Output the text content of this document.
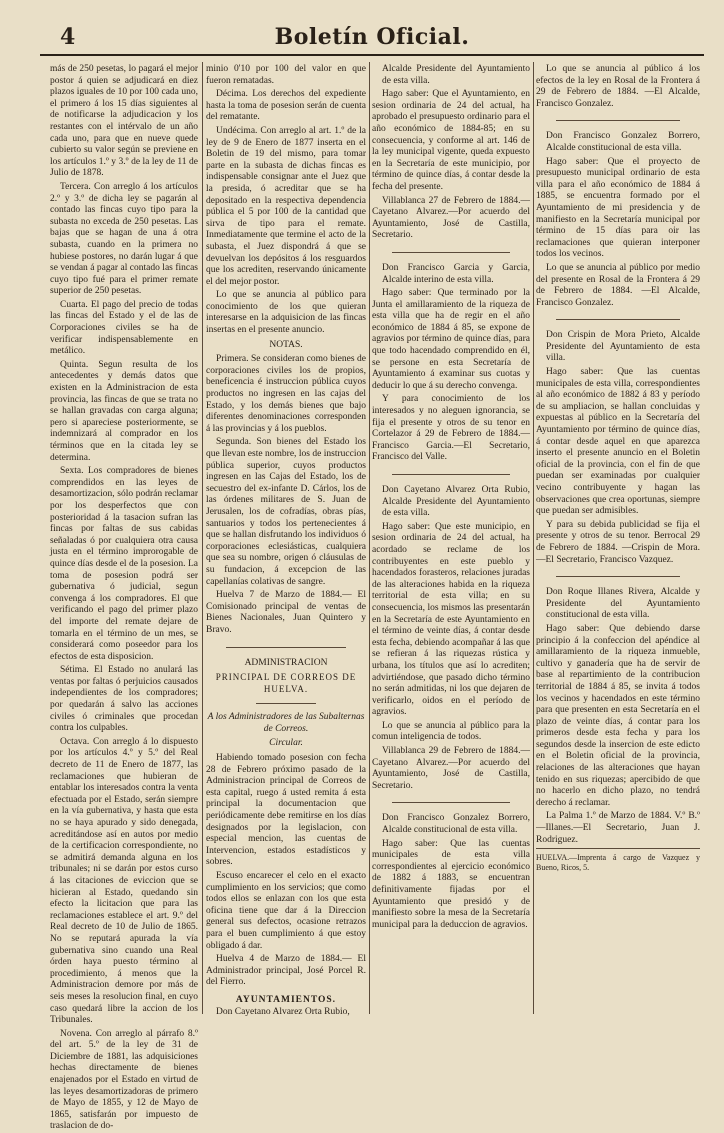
4	Boletín Oficial.

más de 250 pesetas, lo pagará el mejor postor á quien se adjudicará en diez plazos iguales de 10 por 100 cada uno, el primero á los 15 días siguientes al de notificarse la adjudicacion y los restantes con el intérvalo de un año cada uno, para que en nueve quede cubierto su valor según se previene en los artículos 1.º y 3.º de la ley de 11 de Julio de 1878.

Tercera. Con arreglo á los artículos 2.º y 3.º de dicha ley se pagarán al contado las fincas cuyo tipo para la subasta no exceda de 250 pesetas. Las bajas que se hagan de una á otra subasta, cuando en la primera no hubiese postores, no darán lugar á que se vendan á pagar al contado las fincas cuyo tipo fué para el primer remate superior de 250 pesetas.

Cuarta. El pago del precio de todas las fincas del Estado y el de las de Corporaciones civiles se ha de verificar indispensablemente en metálico.

Quinta. Segun resulta de los antecedentes y demás datos que existen en la Administracion de esta provincia, las fincas de que se trata no se hallan gravadas con carga alguna; pero si apareciese posteriormente, se indemnizará al comprador en los términos que en la citada ley se determina.

Sexta. Los compradores de bienes comprendidos en las leyes de desamortizacion, sólo podrán reclamar por los desperfectos que con posterioridad á la tasacion sufran las fincas por faltas de sus cabidas señaladas ó por cualquiera otra causa justa en el término improrogable de quince días desde el de la posesion. La toma de posesion podrá ser gubernativa ó judicial, segun convenga á los compradores. El que verificando el pago del primer plazo del importe del remate dejare de tomarla en el término de un mes, se considerará como poseedor para los efectos de esta disposicion.

Sétima. El Estado no anulará las ventas por faltas ó perjuicios causados independientes de los compradores; por quedarán á salvo las acciones civiles ó criminales que procedan contra los culpables.

Octava. Con arreglo á lo dispuesto por los artículos 4.º y 5.º del Real decreto de 11 de Enero de 1877, las reclamaciones que hubieran de entablar los interesados contra la venta efectuada por el Estado, serán siempre en la vía gubernativa, y hasta que esta no se haya apurado y sido denegada, acreditándose así en autos por medio de la certificacion correspondiente, no se admitirá demanda alguna en los tribunales; ni se darán por estos curso á las citaciones de eviccion que se hicieran al Estado, quedando sin efecto la licitacion que para las reclamaciones establece el art. 9.º del Real decreto de 10 de Julio de 1865. No se reputará apurada la vía gubernativa sino cuando una Real órden haya puesto término al procedimiento, á menos que la Administracion demore por más de seis meses la resolucion final, en cuyo caso quedará libre la accion de los Tribunales.

Novena. Con arreglo al párrafo 8.º del art. 5.º de la ley de 31 de Diciembre de 1881, las adquisiciones hechas directamente de bienes enajenados por el Estado en virtud de las leyes desamortizadoras de primero de Mayo de 1855, y 12 de Mayo de 1865, satisfarán por impuesto de traslacion de do-

minio 0'10 por 100 del valor en que fueron rematadas.

Décima. Los derechos del expediente hasta la toma de posesion serán de cuenta del rematante.

Undécima. Con arreglo al art. 1.º de la ley de 9 de Enero de 1877 inserta en el Boletin de 19 del mismo, para tomar parte en la subasta de dichas fincas es indispensable consignar ante el Juez que la presida, ó acreditar que se ha depositado en la respectiva dependencia pública el 5 por 100 de la cantidad que sirva de tipo para el remate. Inmediatamente que termine el acto de la subasta, el Juez dispondrá á que se devuelvan los depósitos á los resguardos que los acrediten, reservando únicamente el del mejor postor.

Lo que se anuncia al público para conocimiento de los que quieran interesarse en la adquisicion de las fincas insertas en el presente anuncio.

NOTAS.

Primera. Se consideran como bienes de corporaciones civiles los de propios, beneficencia é instruccion pública cuyos productos no ingresen en las cajas del Estado, y los demás bienes que bajo diferentes denominaciones corresponden á las provincias y á los pueblos.

Segunda. Son bienes del Estado los que llevan este nombre, los de instruccion pública superior, cuyos productos ingresen en las Cajas del Estado, los de secuestro del ex-infante D. Cárlos, los de las órdenes militares de S. Juan de Jerusalen, los de cofradías, obras pías, santuarios y todos los pertenecientes á que se hallan disfrutando los individuos ó corporaciones eclesiásticas, cualquiera que sea su nombre, origen ó cláusulas de su fundacion, á excepcion de las capellanías colativas de sangre.

Huelva 7 de Marzo de 1884.— El Comisionado principal de ventas de Bienes Nacionales, Juan Quintero y Bravo.

ADMINISTRACION
PRINCIPAL DE CORREOS DE HUELVA.
A los Administradores de las Subalternas de Correos.
Circular.

Habiendo tomado posesion con fecha 28 de Febrero próximo pasado de la Administracion principal de Correos de esta capital, ruego á usted remita á esta principal la documentacion que periódicamente debe remitirse en los días designados por la legislacion, con especial mencion, las cuentas de Intervencion, estados estadísticos y sobres.

Escuso encarecer el celo en el exacto cumplimiento en los servicios; que como todos ellos se enlazan con los que esta oficina tiene que dar á la Direccion general sus defectos, ocasione retrazos para el buen cumplimiento á que estoy obligado á dar.

Huelva 4 de Marzo de 1884.— El Administrador principal, José Porcel R. del Fierro.

AYUNTAMIENTOS.

Don Cayetano Alvarez Orta Rubio,

Alcalde Presidente del Ayuntamiento de esta villa.

Hago saber: Que el Ayuntamiento, en sesion ordinaria de 24 del actual, ha aprobado el presupuesto ordinario para el año económico de 1884-85; en su consecuencia, y conforme al art. 146 de la ley municipal vigente, queda expuesto en la Secretaría de este municipio, por término de quince días, á contar desde la fecha del presente.

Villablanca 27 de Febrero de 1884.—Cayetano Alvarez.—Por acuerdo del Ayuntamiento, José de Castilla, Secretario.

Don Francisco Garcia y Garcia, Alcalde interino de esta villa.

Hago saber: Que terminado por la Junta el amillaramiento de la riqueza de esta villa que ha de regir en el año económico de 1884 á 85, se expone de agravios por término de quince días, para que todo hacendado comprendido en él, se persone en esta Secretaría de Ayuntamiento á examinar sus cuotas y deducir lo que á su derecho convenga.

Y para conocimiento de los interesados y no aleguen ignorancia, se fija el presente y otros de su tenor en Cortelazor á 29 de Febrero de 1884.—Francisco Garcia.—El Secretario, Francisco del Valle.

Don Cayetano Alvarez Orta Rubio, Alcalde Presidente del Ayuntamiento de esta villa.

Hago saber: Que este municipio, en sesion ordinaria de 24 del actual, ha acordado se reclame de los contribuyentes en este pueblo y hacendados forasteros, relaciones juradas de las alteraciones habida en la riqueza territorial de esta villa; en su consecuencia, los mismos las presentarán en la Secretaría de este Ayuntamiento en el término de veinte días, á contar desde esta fecha, debiendo acompañar á las que se refieran á las riquezas rústica y urbana, los títulos que así lo acrediten; advirtiéndose, que pasado dicho término no serán admitidas, ni los que dejaren de verificarlo, oidos en el período de agravios.

Lo que se anuncia al público para la comun inteligencia de todos.

Villablanca 29 de Febrero de 1884.—Cayetano Alvarez.—Por acuerdo del Ayuntamiento, José de Castilla, Secretario.

Don Francisco Gonzalez Borrero, Alcalde constitucional de esta villa.

Hago saber: Que las cuentas municipales de esta villa correspondientes al ejercicio económico de 1882 á 1883, se encuentran definitivamente fijadas por el Ayuntamiento que presidó y de manifiesto sobre la mesa de la Secretaría municipal para la deduccion de agravios.

Lo que se anuncia al público á los efectos de la ley en Rosal de la Frontera á 29 de Febrero de 1884. —El Alcalde, Francisco Gonzalez.

Don Francisco Gonzalez Borrero, Alcalde constitucional de esta villa.

Hago saber: Que el proyecto de presupuesto municipal ordinario de esta villa para el año económico de 1884 á 1885, se encuentra formado por el Ayuntamiento de mi presidencia y de manifiesto en la Secretaría municipal por término de 15 días para oir las reclamaciones que quieran interponer todos los vecinos.

Lo que se anuncia al público por medio del presente en Rosal de la Frontera á 29 de Febrero de 1884. —El Alcalde, Francisco Gonzalez.

Don Crispin de Mora Prieto, Alcalde Presidente del Ayuntamiento de esta villa.

Hago saber: Que las cuentas municipales de esta villa, correspondientes al año económico de 1882 á 83 y período de su ampliacion, se hallan concluidas y expuestas al público en la Secretaría del Ayuntamiento por término de quince días, á contar desde aquel en que aparezca inserto el presente anuncio en el Boletin oficial de la provincia, con el fin de que puedan ser examinadas por cualquier vecino contribuyente y hagan las observaciones que crea oportunas, siempre que puedan ser admisibles.

Y para su debida publicidad se fija el presente y otros de su tenor. Berrocal 29 de Febrero de 1884. —Crispin de Mora. —El Secretario, Francisco Vazquez.

Don Roque Illanes Rivera, Alcalde y Presidente del Ayuntamiento constitucional de esta villa.

Hago saber: Que debiendo darse principio á la confeccion del apéndice al amillaramiento de la riqueza inmueble, cultivo y ganadería que ha de servir de base al repartimiento de la contribucion territorial de 1884 á 85, se invita á todos los vecinos y hacendados en este término para que presenten en esta Secretaría en el plazo de veinte días, á contar para los primeros desde esta fecha y para los segundos desde la insercion de este edicto en el Boletin oficial de la provincia, relaciones de las alteraciones que hayan tenido en sus riquezas; apercibido de que no hacerlo en dicho plazo, no tendrá derecho á reclamar.

La Palma 1.º de Marzo de 1884. V.º B.º—Illanes.—El Secretario, Juan J. Rodriguez.

HUELVA.—Imprenta á cargo de Vazquez y Bueno, Ricos, 5.
